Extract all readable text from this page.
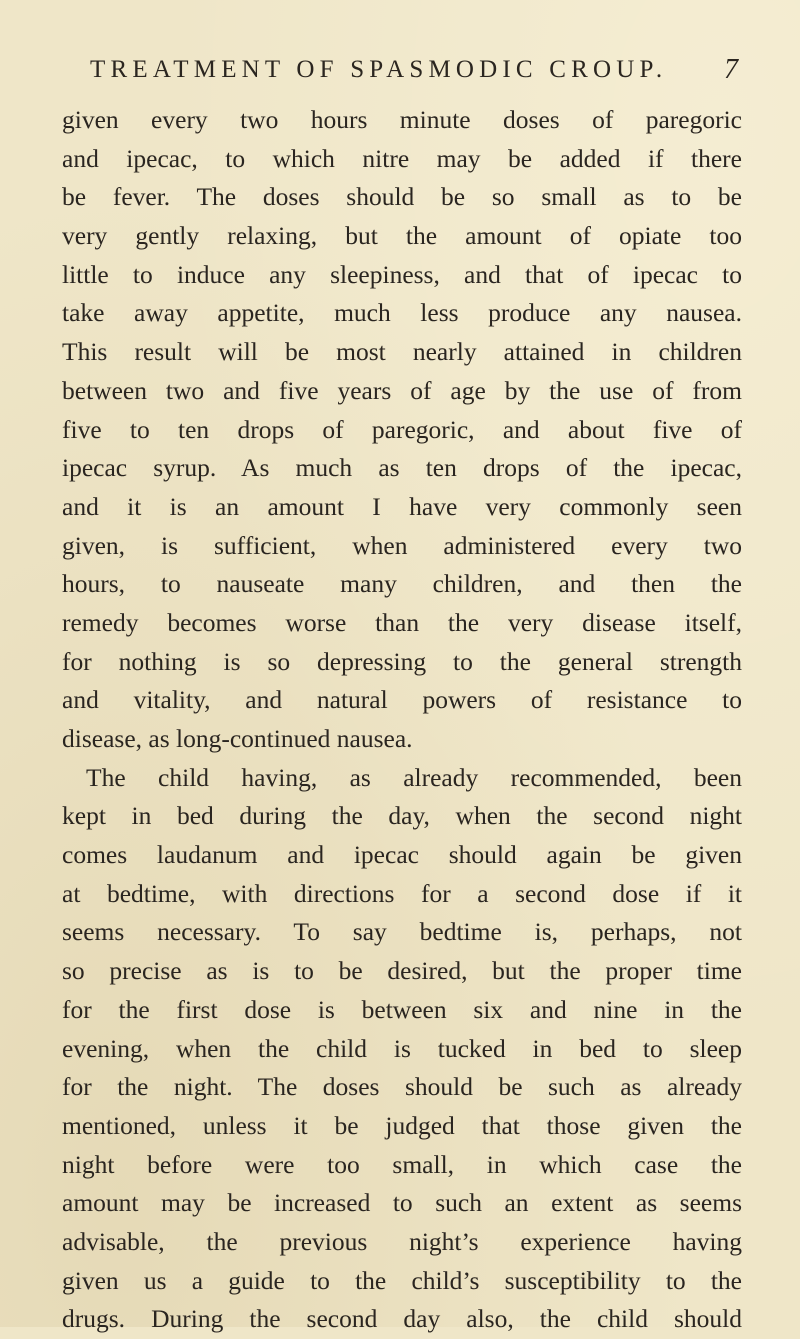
TREATMENT OF SPASMODIC CROUP. 7
given every two hours minute doses of paregoric
and ipecac, to which nitre may be added if there
be fever. The doses should be so small as to be
very gently relaxing, but the amount of opiate too
little to induce any sleepiness, and that of ipecac to
take away appetite, much less produce any nausea.
This result will be most nearly attained in children
between two and five years of age by the use of from
five to ten drops of paregoric, and about five of
ipecac syrup. As much as ten drops of the ipecac,
and it is an amount I have very commonly seen
given, is sufficient, when administered every two
hours, to nauseate many children, and then the
remedy becomes worse than the very disease itself,
for nothing is so depressing to the general strength
and vitality, and natural powers of resistance to
disease, as long-continued nausea.
The child having, as already recommended, been
kept in bed during the day, when the second night
comes laudanum and ipecac should again be given
at bedtime, with directions for a second dose if it
seems necessary. To say bedtime is, perhaps, not
so precise as is to be desired, but the proper time
for the first dose is between six and nine in the
evening, when the child is tucked in bed to sleep
for the night. The doses should be such as already
mentioned, unless it be judged that those given the
night before were too small, in which case the
amount may be increased to such an extent as seems
advisable, the previous night’s experience having
given us a guide to the child’s susceptibility to the
drugs. During the second day also, the child should
